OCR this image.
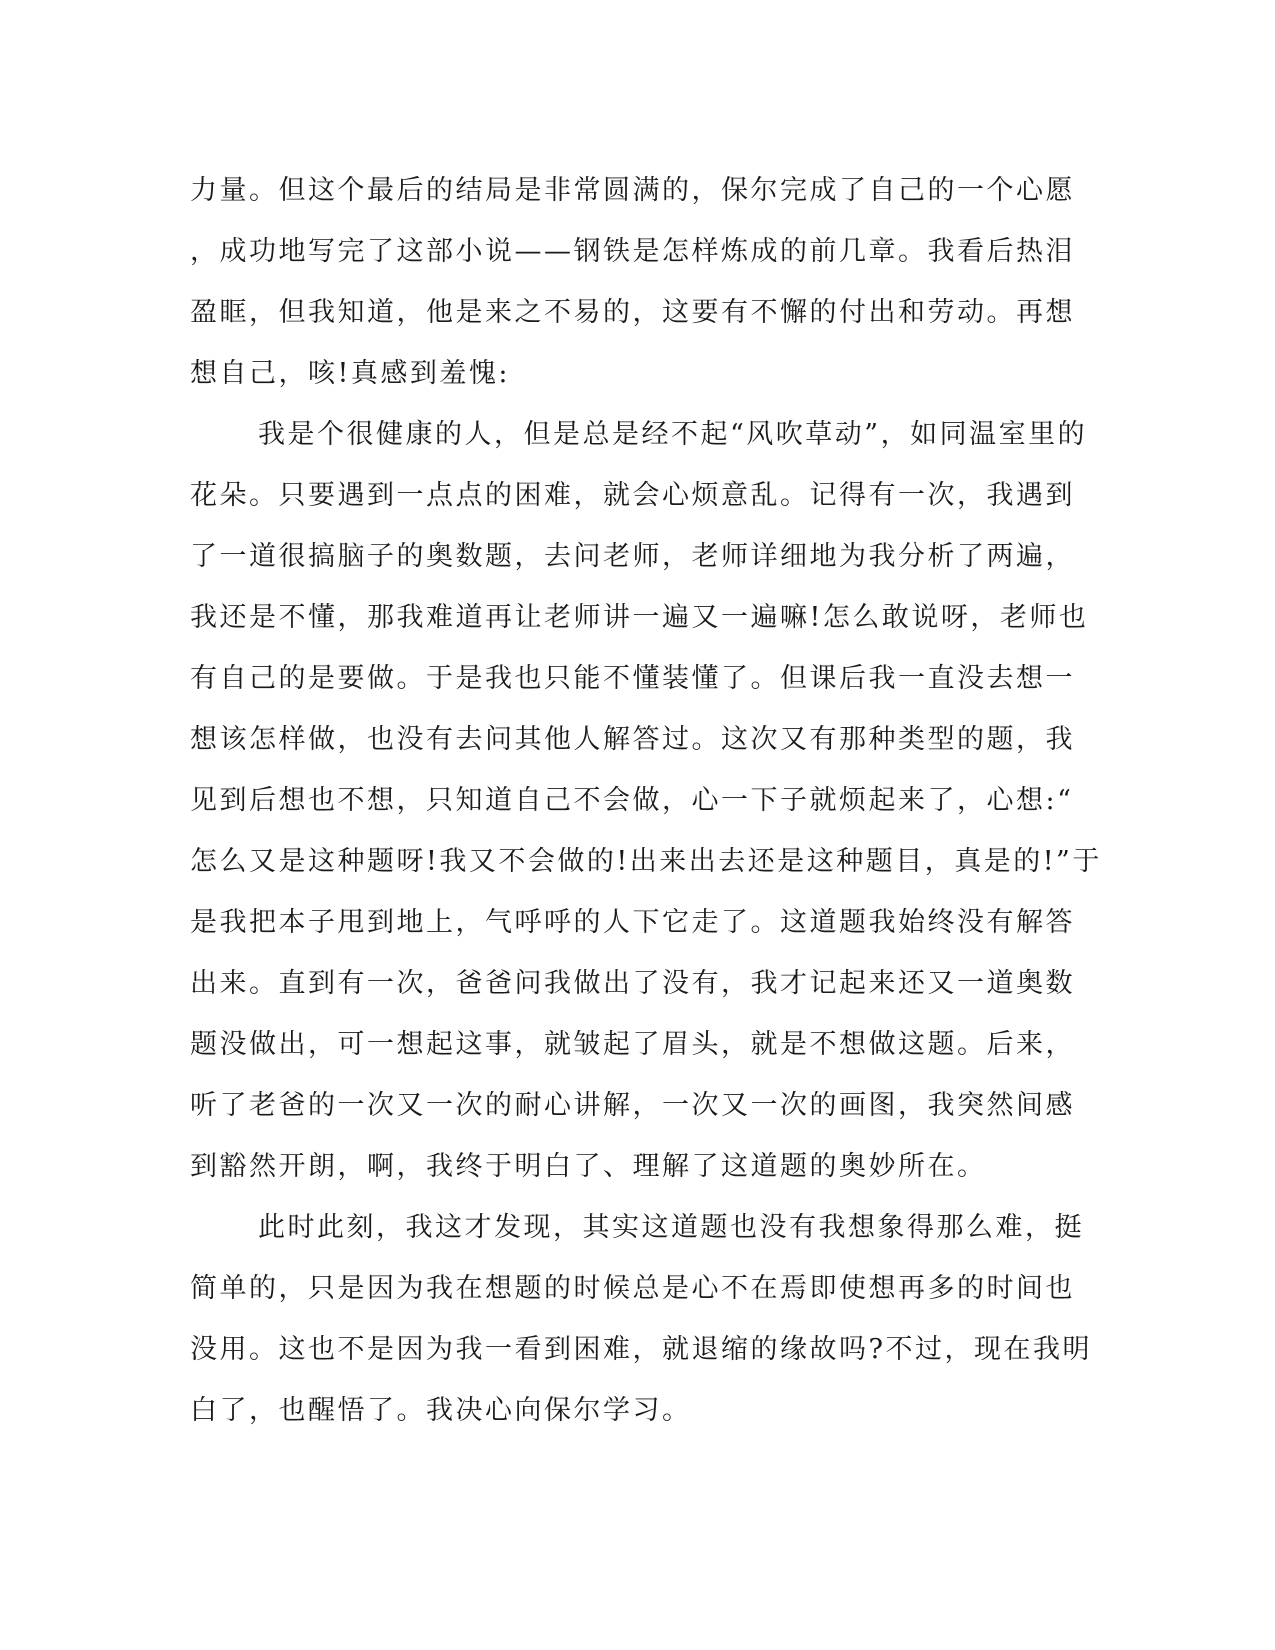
力量。但这个最后的结局是非常圆满的，保尔完成了自己的一个心愿
，成功地写完了这部小说——钢铁是怎样炼成的前几章。我看后热泪
盈眶，但我知道，他是来之不易的，这要有不懈的付出和劳动。再想
想自己，咳!真感到羞愧:
我是个很健康的人，但是总是经不起“风吹草动”，如同温室里的
花朵。只要遇到一点点的困难，就会心烦意乱。记得有一次，我遇到
了一道很搞脑子的奥数题，去问老师，老师详细地为我分析了两遍，
我还是不懂，那我难道再让老师讲一遍又一遍嘛!怎么敢说呀，老师也
有自己的是要做。于是我也只能不懂装懂了。但课后我一直没去想一
想该怎样做，也没有去问其他人解答过。这次又有那种类型的题，我
见到后想也不想，只知道自己不会做，心一下子就烦起来了，心想:“
怎么又是这种题呀!我又不会做的!出来出去还是这种题目，真是的!”于
是我把本子甩到地上，气呼呼的人下它走了。这道题我始终没有解答
出来。直到有一次，爸爸问我做出了没有，我才记起来还又一道奥数
题没做出，可一想起这事，就皱起了眉头，就是不想做这题。后来，
听了老爸的一次又一次的耐心讲解，一次又一次的画图，我突然间感
到豁然开朗，啊，我终于明白了、理解了这道题的奥妙所在。
此时此刻，我这才发现，其实这道题也没有我想象得那么难，挺
简单的，只是因为我在想题的时候总是心不在焉即使想再多的时间也
没用。这也不是因为我一看到困难，就退缩的缘故吗?不过，现在我明
白了，也醒悟了。我决心向保尔学习。
